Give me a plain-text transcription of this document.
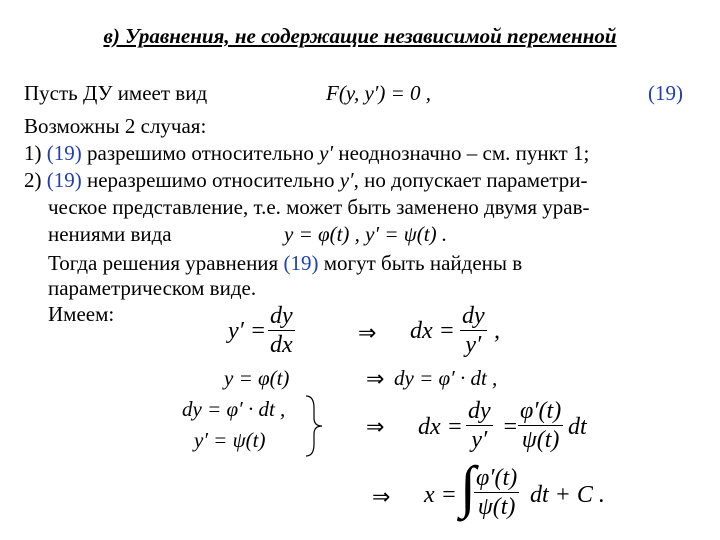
в) Уравнения, не содержащие независимой переменной
Пусть ДУ имеет вид	F(y, y′) = 0 ,	(19)
Возможны 2 случая:
1) (19) разрешимо относительно y′ неоднозначно – см. пункт 1;
2) (19) неразрешимо относительно y′, но допускает параметри-
ческое представление, т.е. может быть заменено двумя урав-
нениями вида	y = φ(t) , y′ = ψ(t) .
Тогда решения уравнения (19) могут быть найдены в
параметрическом виде.
Имеем:
y′ =
dy
dx	⇒ dx =
dy
y′
,
y = φ(t)	⇒ dy = φ′ · dt ,
dy = φ′ · dt ,
y′ = ψ(t)
⇒ dx =
dy
y′ =
φ′(t)
ψ(t) dt
⇒ x = ∫ φ′(t)
ψ(t) dt + C .
